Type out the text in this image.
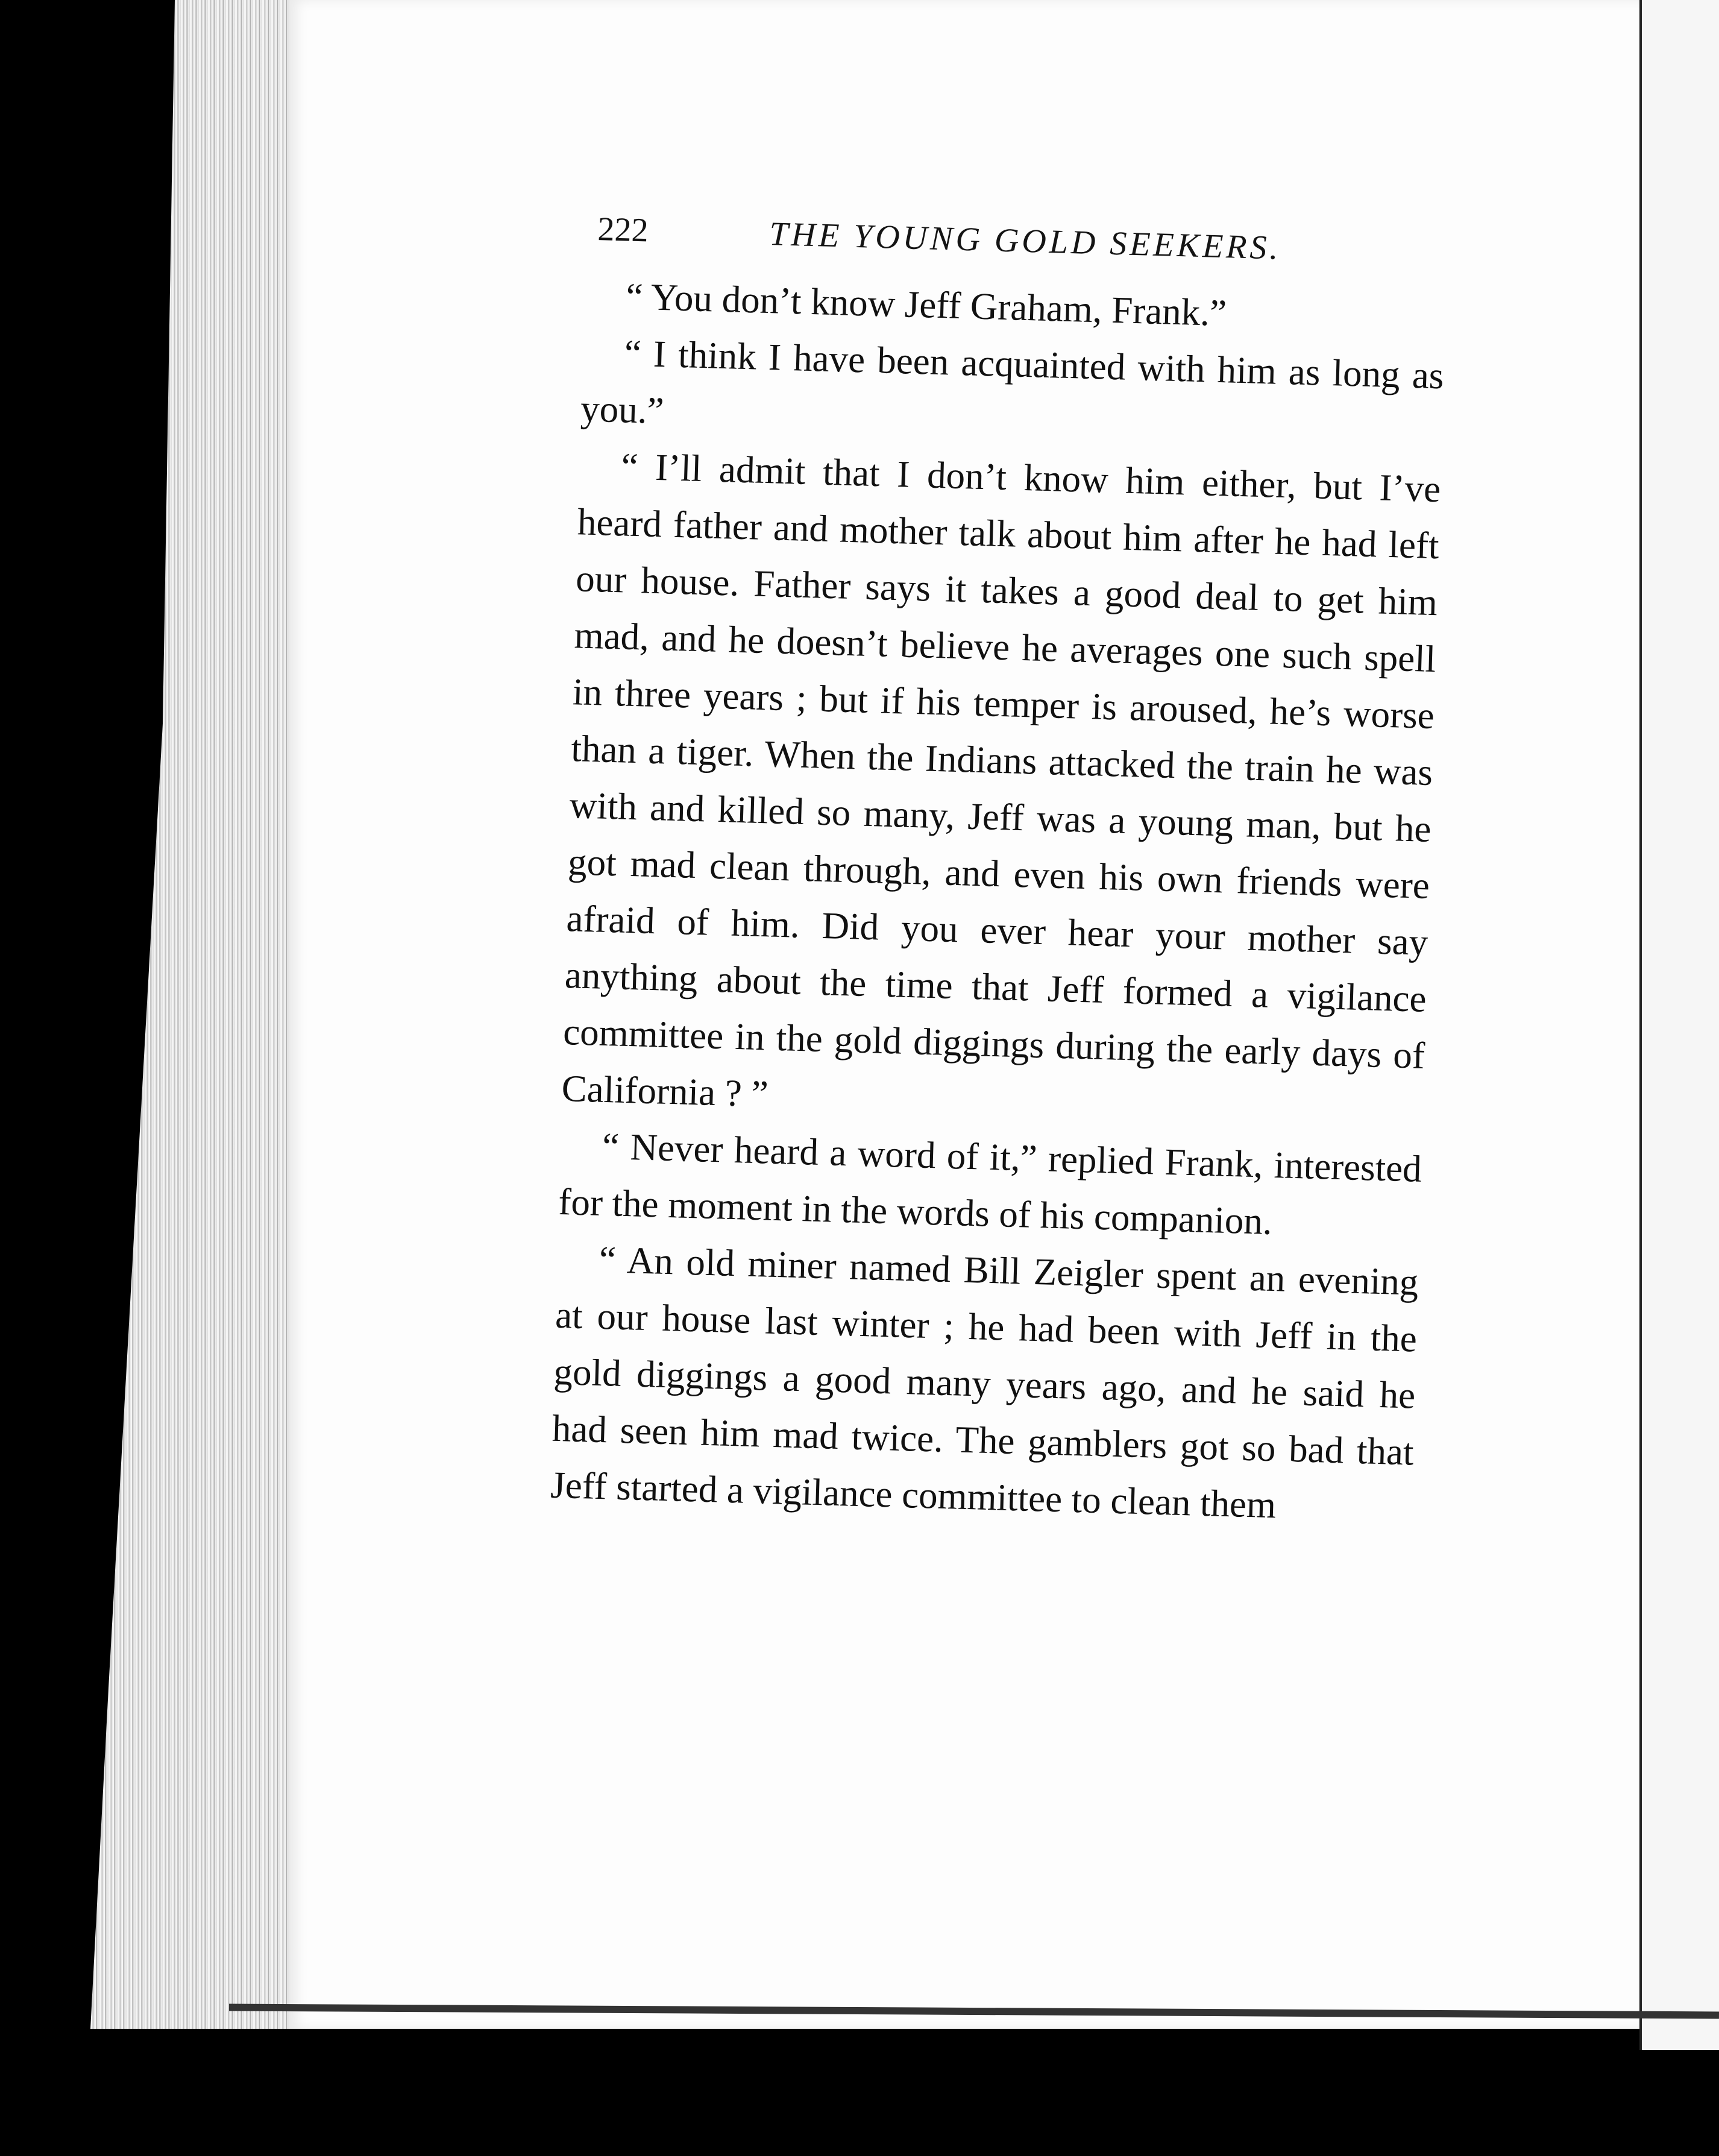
222	THE YOUNG GOLD SEEKERS.

“ You don’t know Jeff Graham, Frank.”

“ I think I have been acquainted with him as long as you.”

“ I’ll admit that I don’t know him either, but I’ve heard father and mother talk about him after he had left our house. Father says it takes a good deal to get him mad, and he doesn’t believe he averages one such spell in three years ; but if his temper is aroused, he’s worse than a tiger. When the Indians attacked the train he was with and killed so many, Jeff was a young man, but he got mad clean through, and even his own friends were afraid of him. Did you ever hear your mother say anything about the time that Jeff formed a vigilance committee in the gold diggings during the early days of California ? ”

“ Never heard a word of it,” replied Frank, interested for the moment in the words of his companion.

“ An old miner named Bill Zeigler spent an evening at our house last winter ; he had been with Jeff in the gold diggings a good many years ago, and he said he had seen him mad twice. The gamblers got so bad that Jeff started a vigilance committee to clean them
